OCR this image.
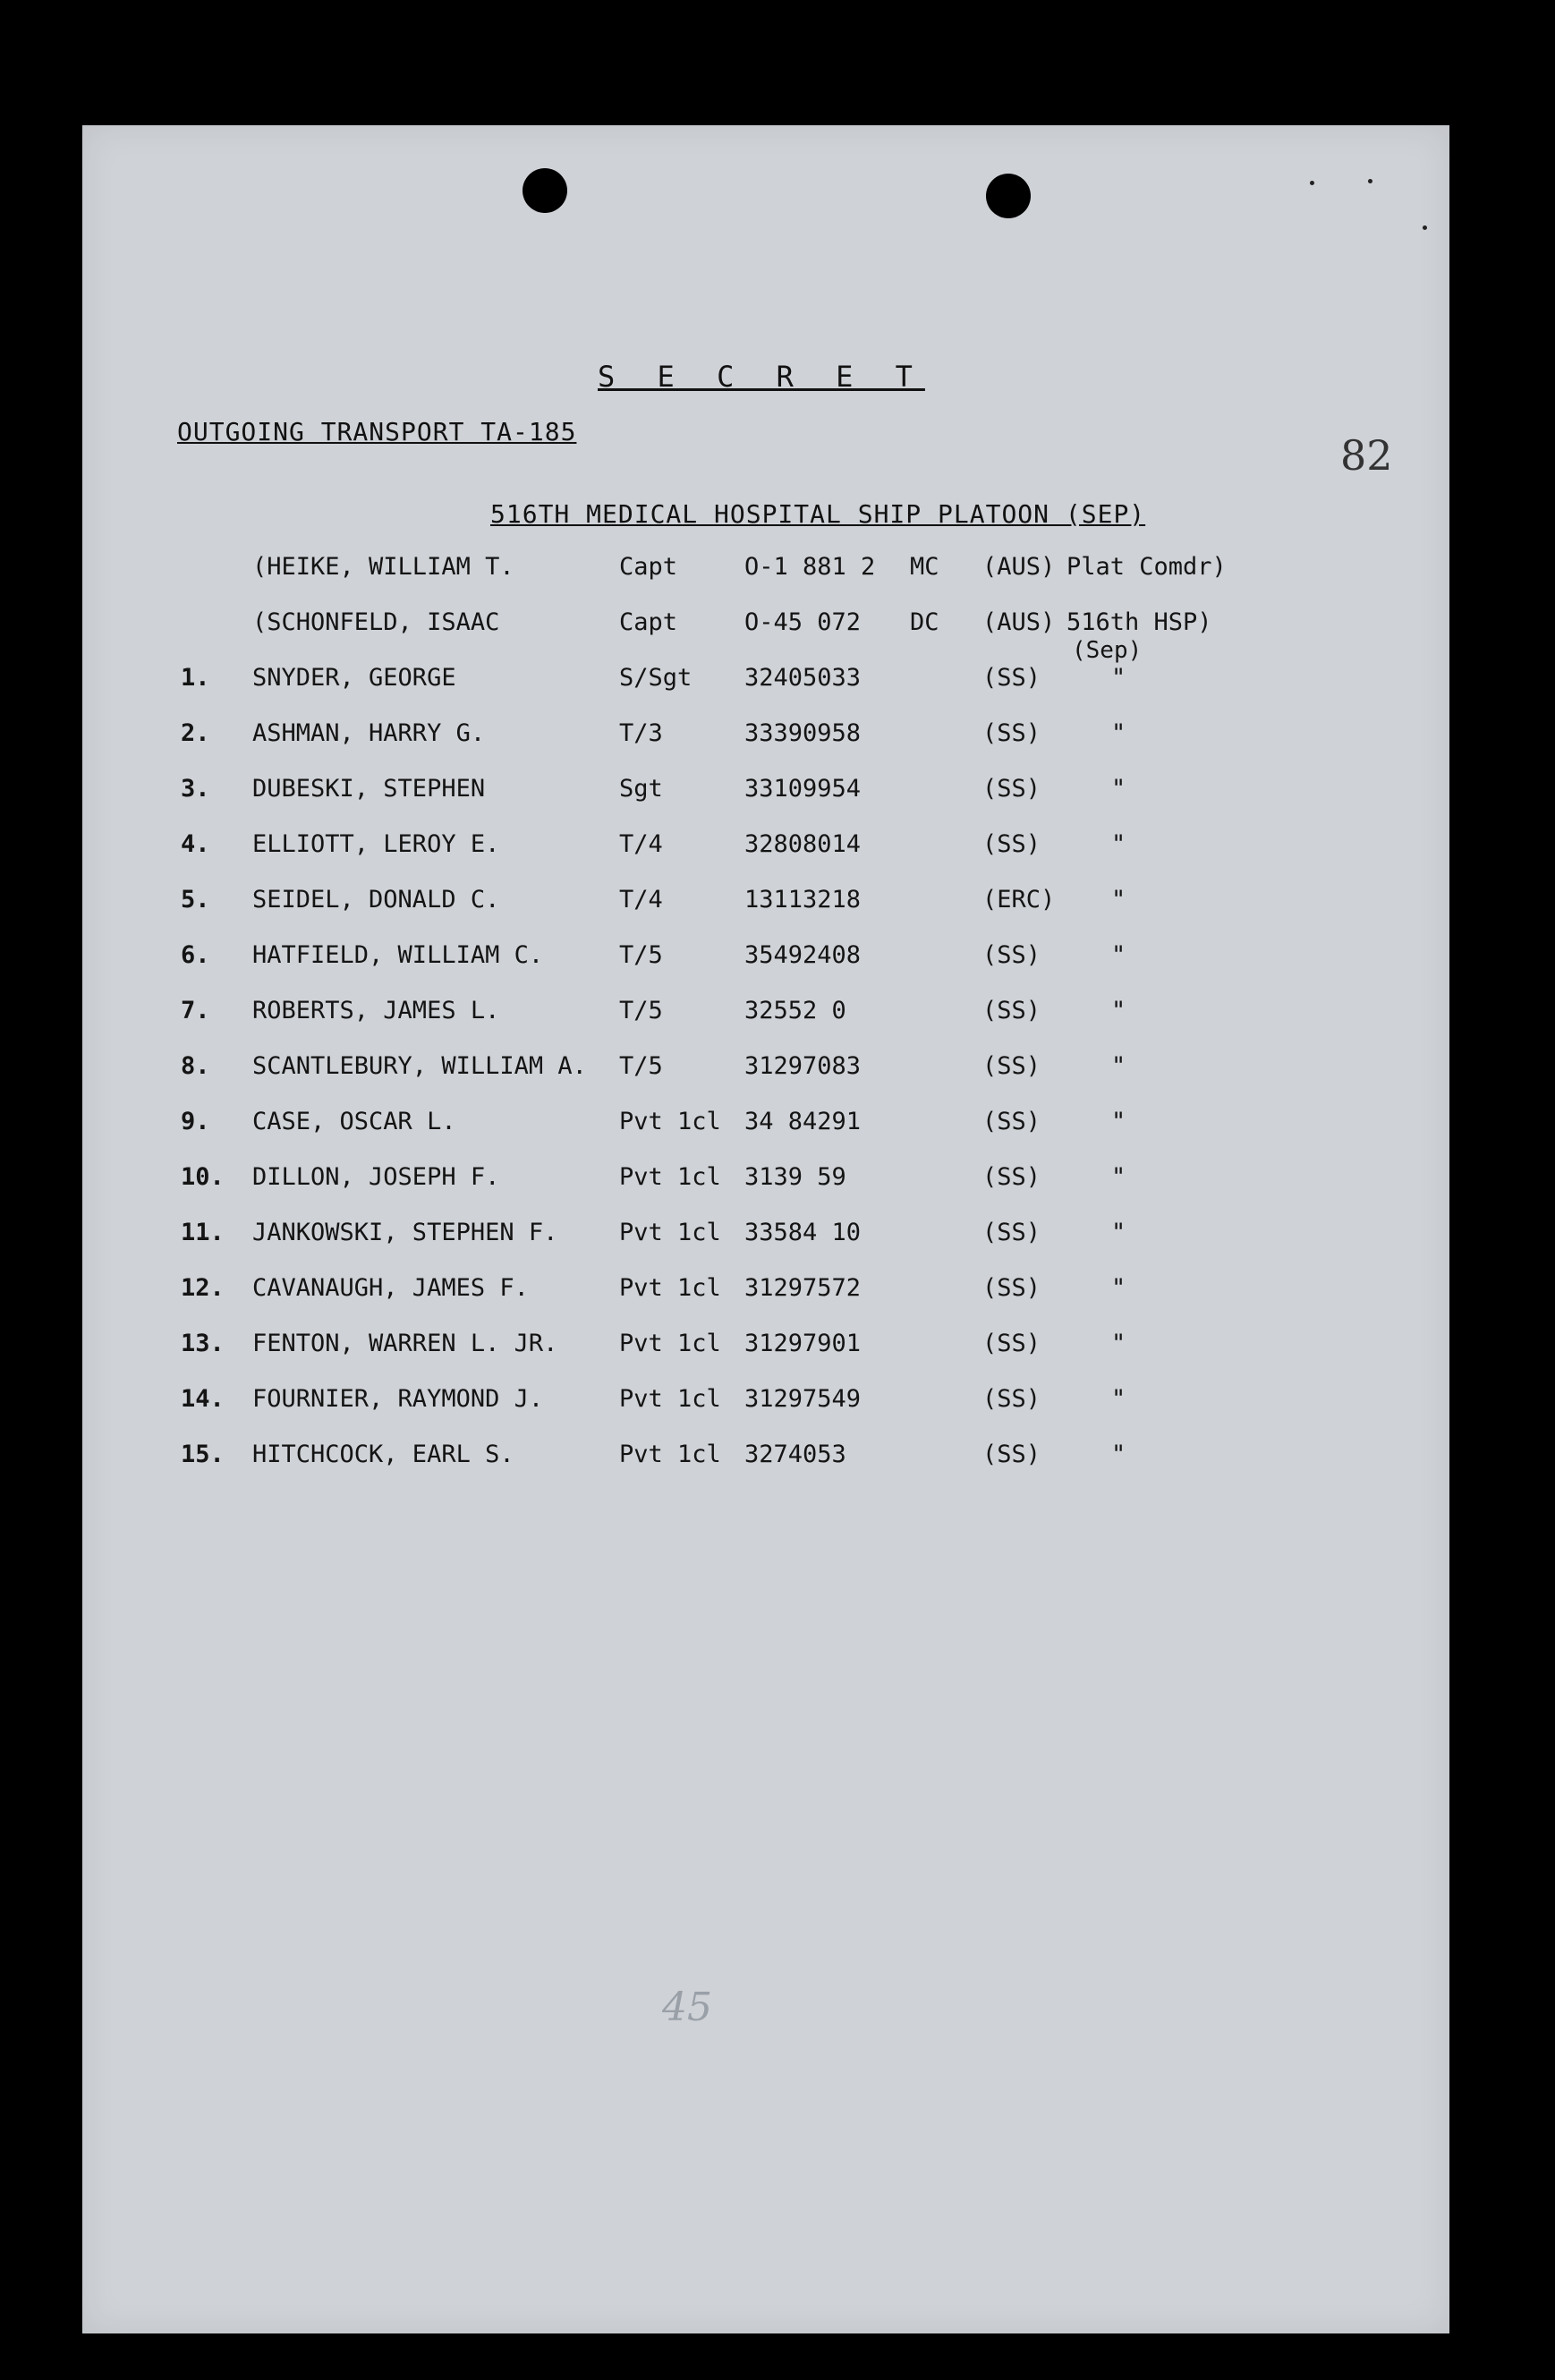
S E C R E T
OUTGOING TRANSPORT TA-185	82
516TH MEDICAL HOSPITAL SHIP PLATOON (SEP)
(HEIKE, WILLIAM T.	Capt	O-1 881 2 MC (AUS) Plat Comdr)
(SCHONFELD, ISAAC	Capt	O-45 072 DC (AUS) 516th HSP)
(Sep)
1. SNYDER, GEORGE	S/Sgt 32405033	(SS)	"
2. ASHMAN, HARRY G.	T/3	33390958	(SS)	"
3. DUBESKI, STEPHEN	Sgt	33109954	(SS)	"
4. ELLIOTT, LEROY E.	T/4	32808014	(SS)	"
5. SEIDEL, DONALD C.	T/4	13113218	(ERC) "
6. HATFIELD, WILLIAM C.	T/5	35492408	(SS)	"
7. ROBERTS, JAMES L.	T/5	32552 0	(SS)	"
8. SCANTLEBURY, WILLIAM A. T/5	31297083	(SS)	"
9. CASE, OSCAR L.	Pvt 1cl 34 84291	(SS)	"
10. DILLON, JOSEPH F.	Pvt 1cl 3139 59	(SS)	"
11. JANKOWSKI, STEPHEN F.	Pvt 1cl 33584 10	(SS)	"
12. CAVANAUGH, JAMES F.	Pvt 1cl 31297572	(SS)	"
13. FENTON, WARREN L. JR.	Pvt 1cl 31297901	(SS)	"
14. FOURNIER, RAYMOND J.	Pvt 1cl 31297549	(SS)	"
15. HITCHCOCK, EARL S.	Pvt 1cl 3274053	(SS)	"
45
